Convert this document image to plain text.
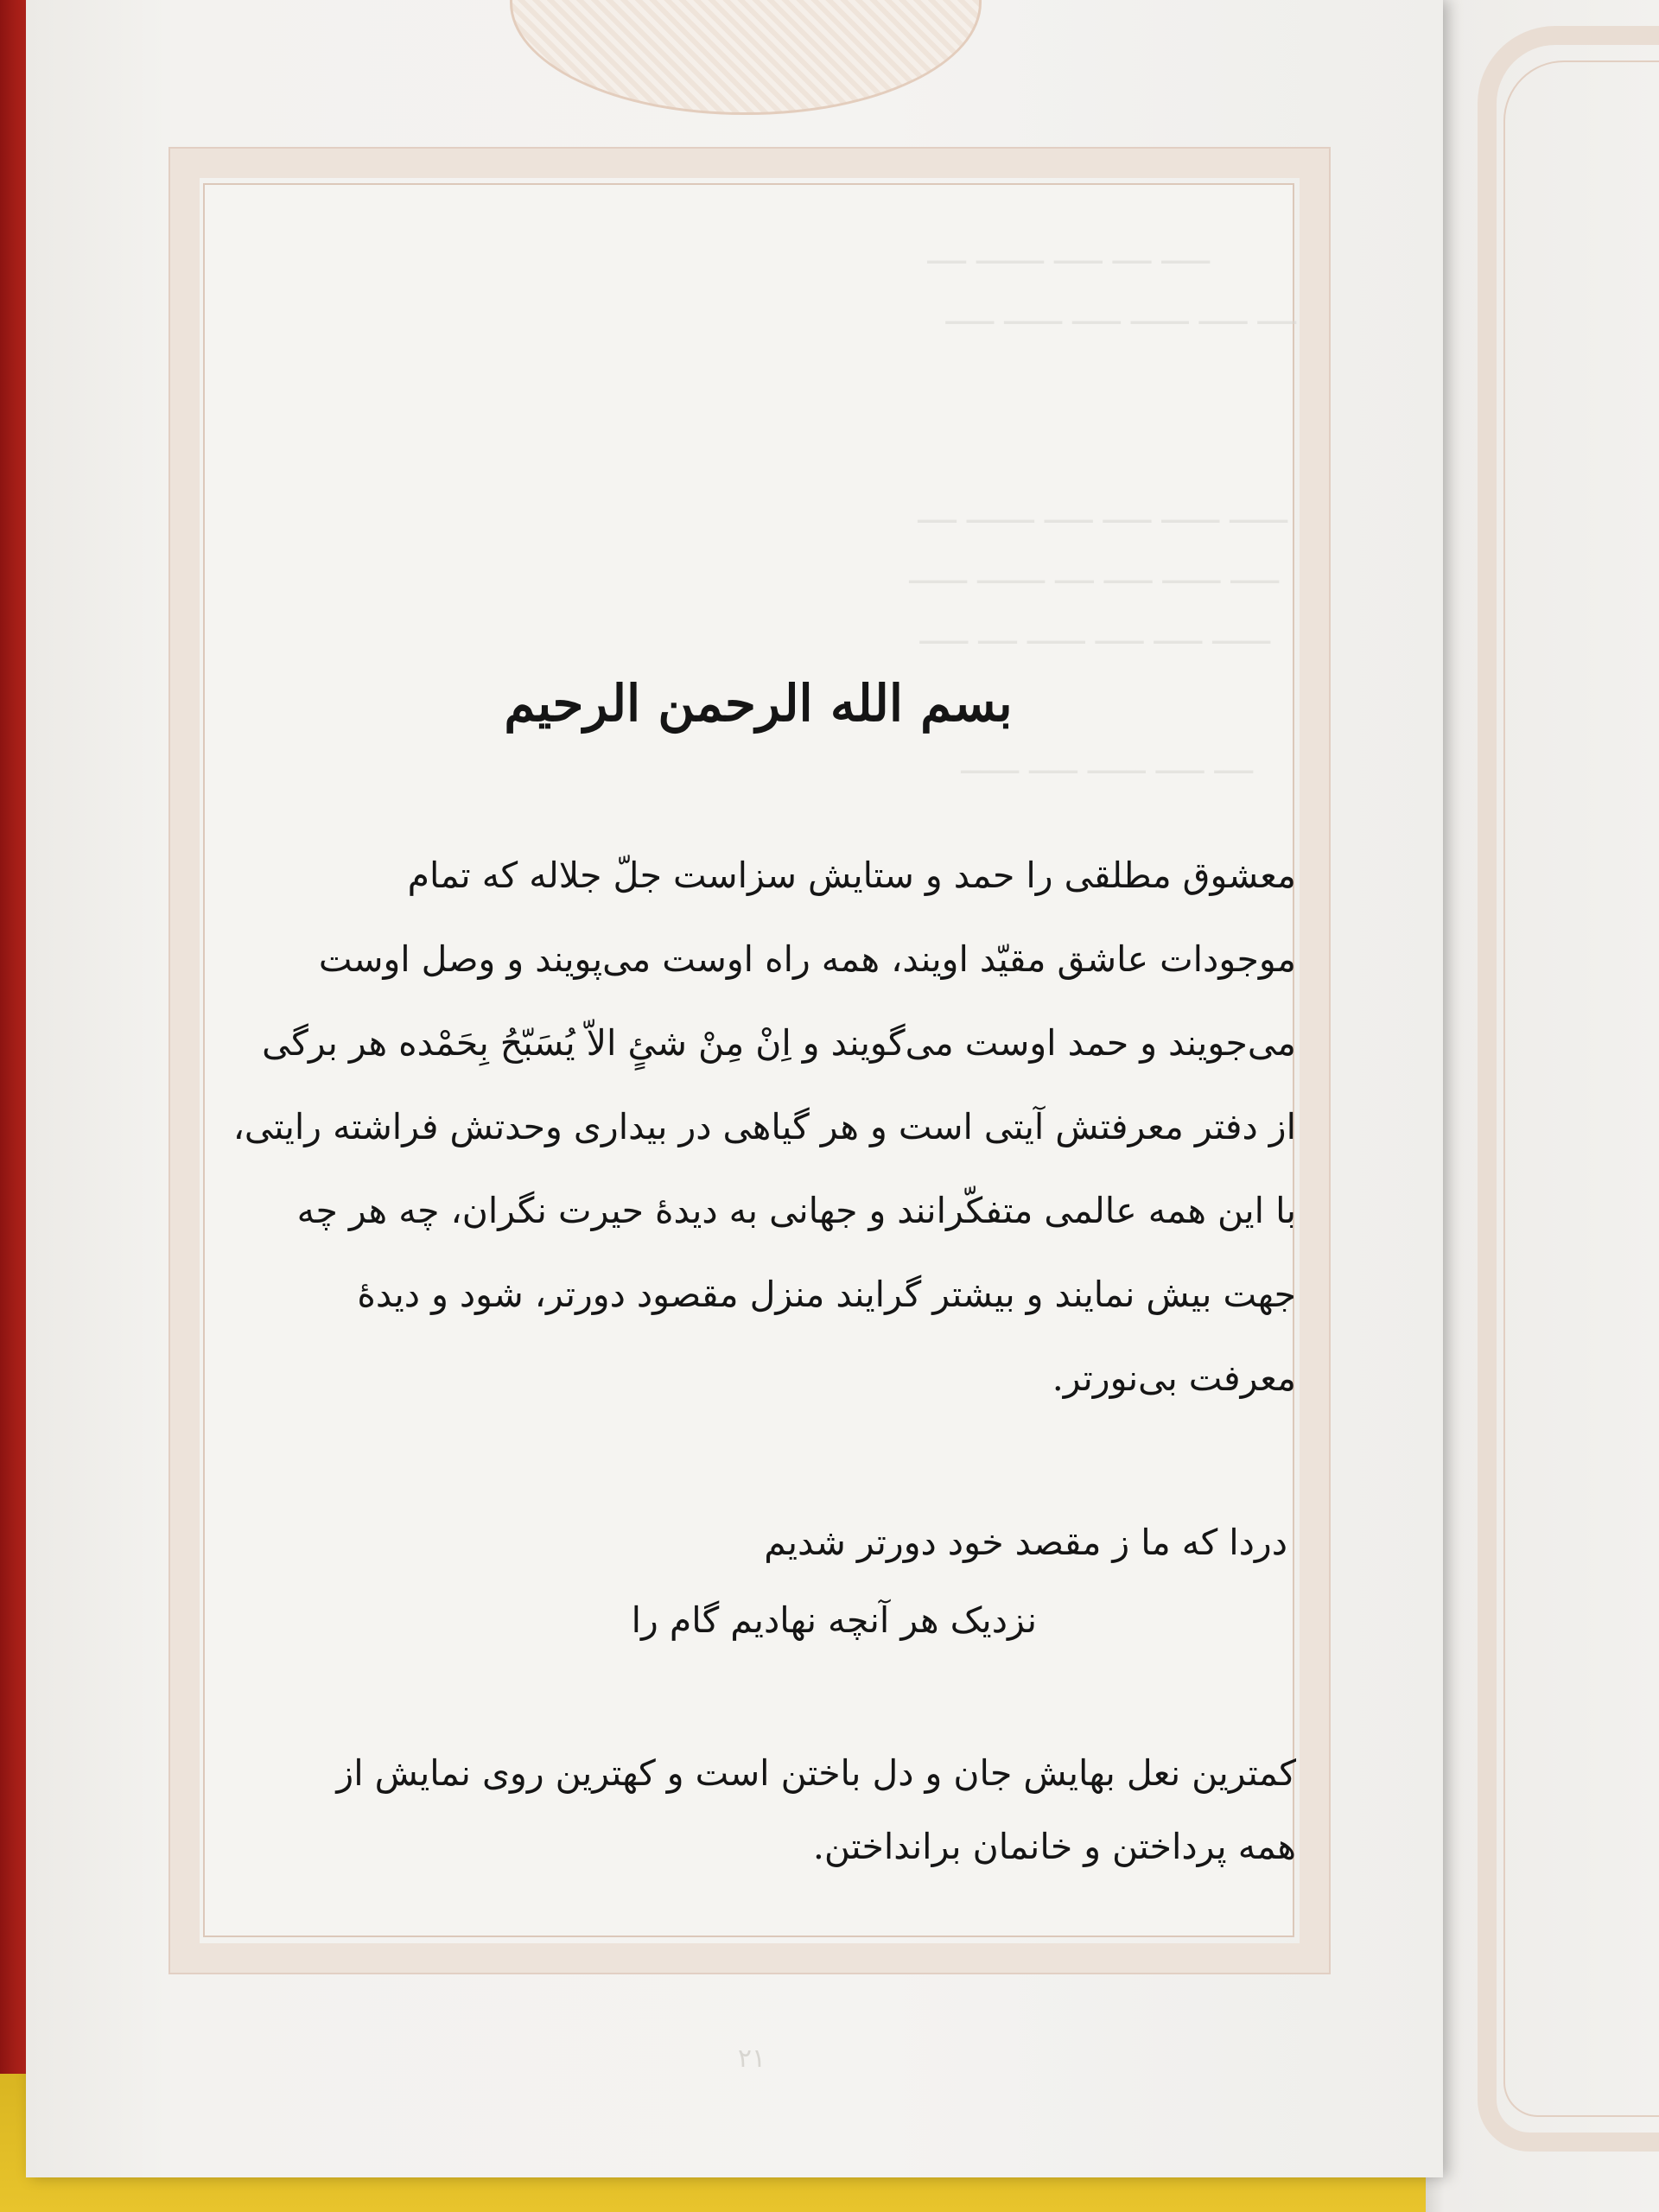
ـــــ ــــ ـــــ ـــــــ ــــ
ــــ ـــــ ــــــ ـــــ ــــــ ـــــ
ــــــ ــــــ ـــــ ـــــ ـــــــ ــــ
ـــــ ــــــ ـــــ ــــ ـــــــ ــــــ
ــــــ ـــــ ـــــ ــــــ ــــ ـــــ
ــــ ـــــ ــــــ ـــــ ــــــ
بسم الله الرحمن الرحيم
معشوق مطلقی را حمد و ستایش سزاست جلّ جلاله که تمام
موجودات عاشق مقیّد اویند، همه راه اوست می‌پویند و وصل اوست
می‌جویند و حمد اوست می‌گویند و اِنْ مِنْ شئٍ الاّ یُسَبّحُ بِحَمْده هر برگی
از دفتر معرفتش آیتی است و هر گیاهی در بیداری وحدتش فراشته رایتی،
با این همه عالمی متفکّرانند و جهانی به دیدۀ حیرت نگران، چه هر چه
جهت بیش نمایند و بیشتر گرایند منزل مقصود دورتر، شود و دیدۀ
معرفت بی‌نورتر.
دردا که ما ز مقصد خود دورتر شدیم
نزدیک هر آنچه نهادیم گام را
کمترین نعل بهایش جان و دل باختن است و کهترین روی نمایش از
همه پرداختن و خانمان برانداختن.
۲۱
